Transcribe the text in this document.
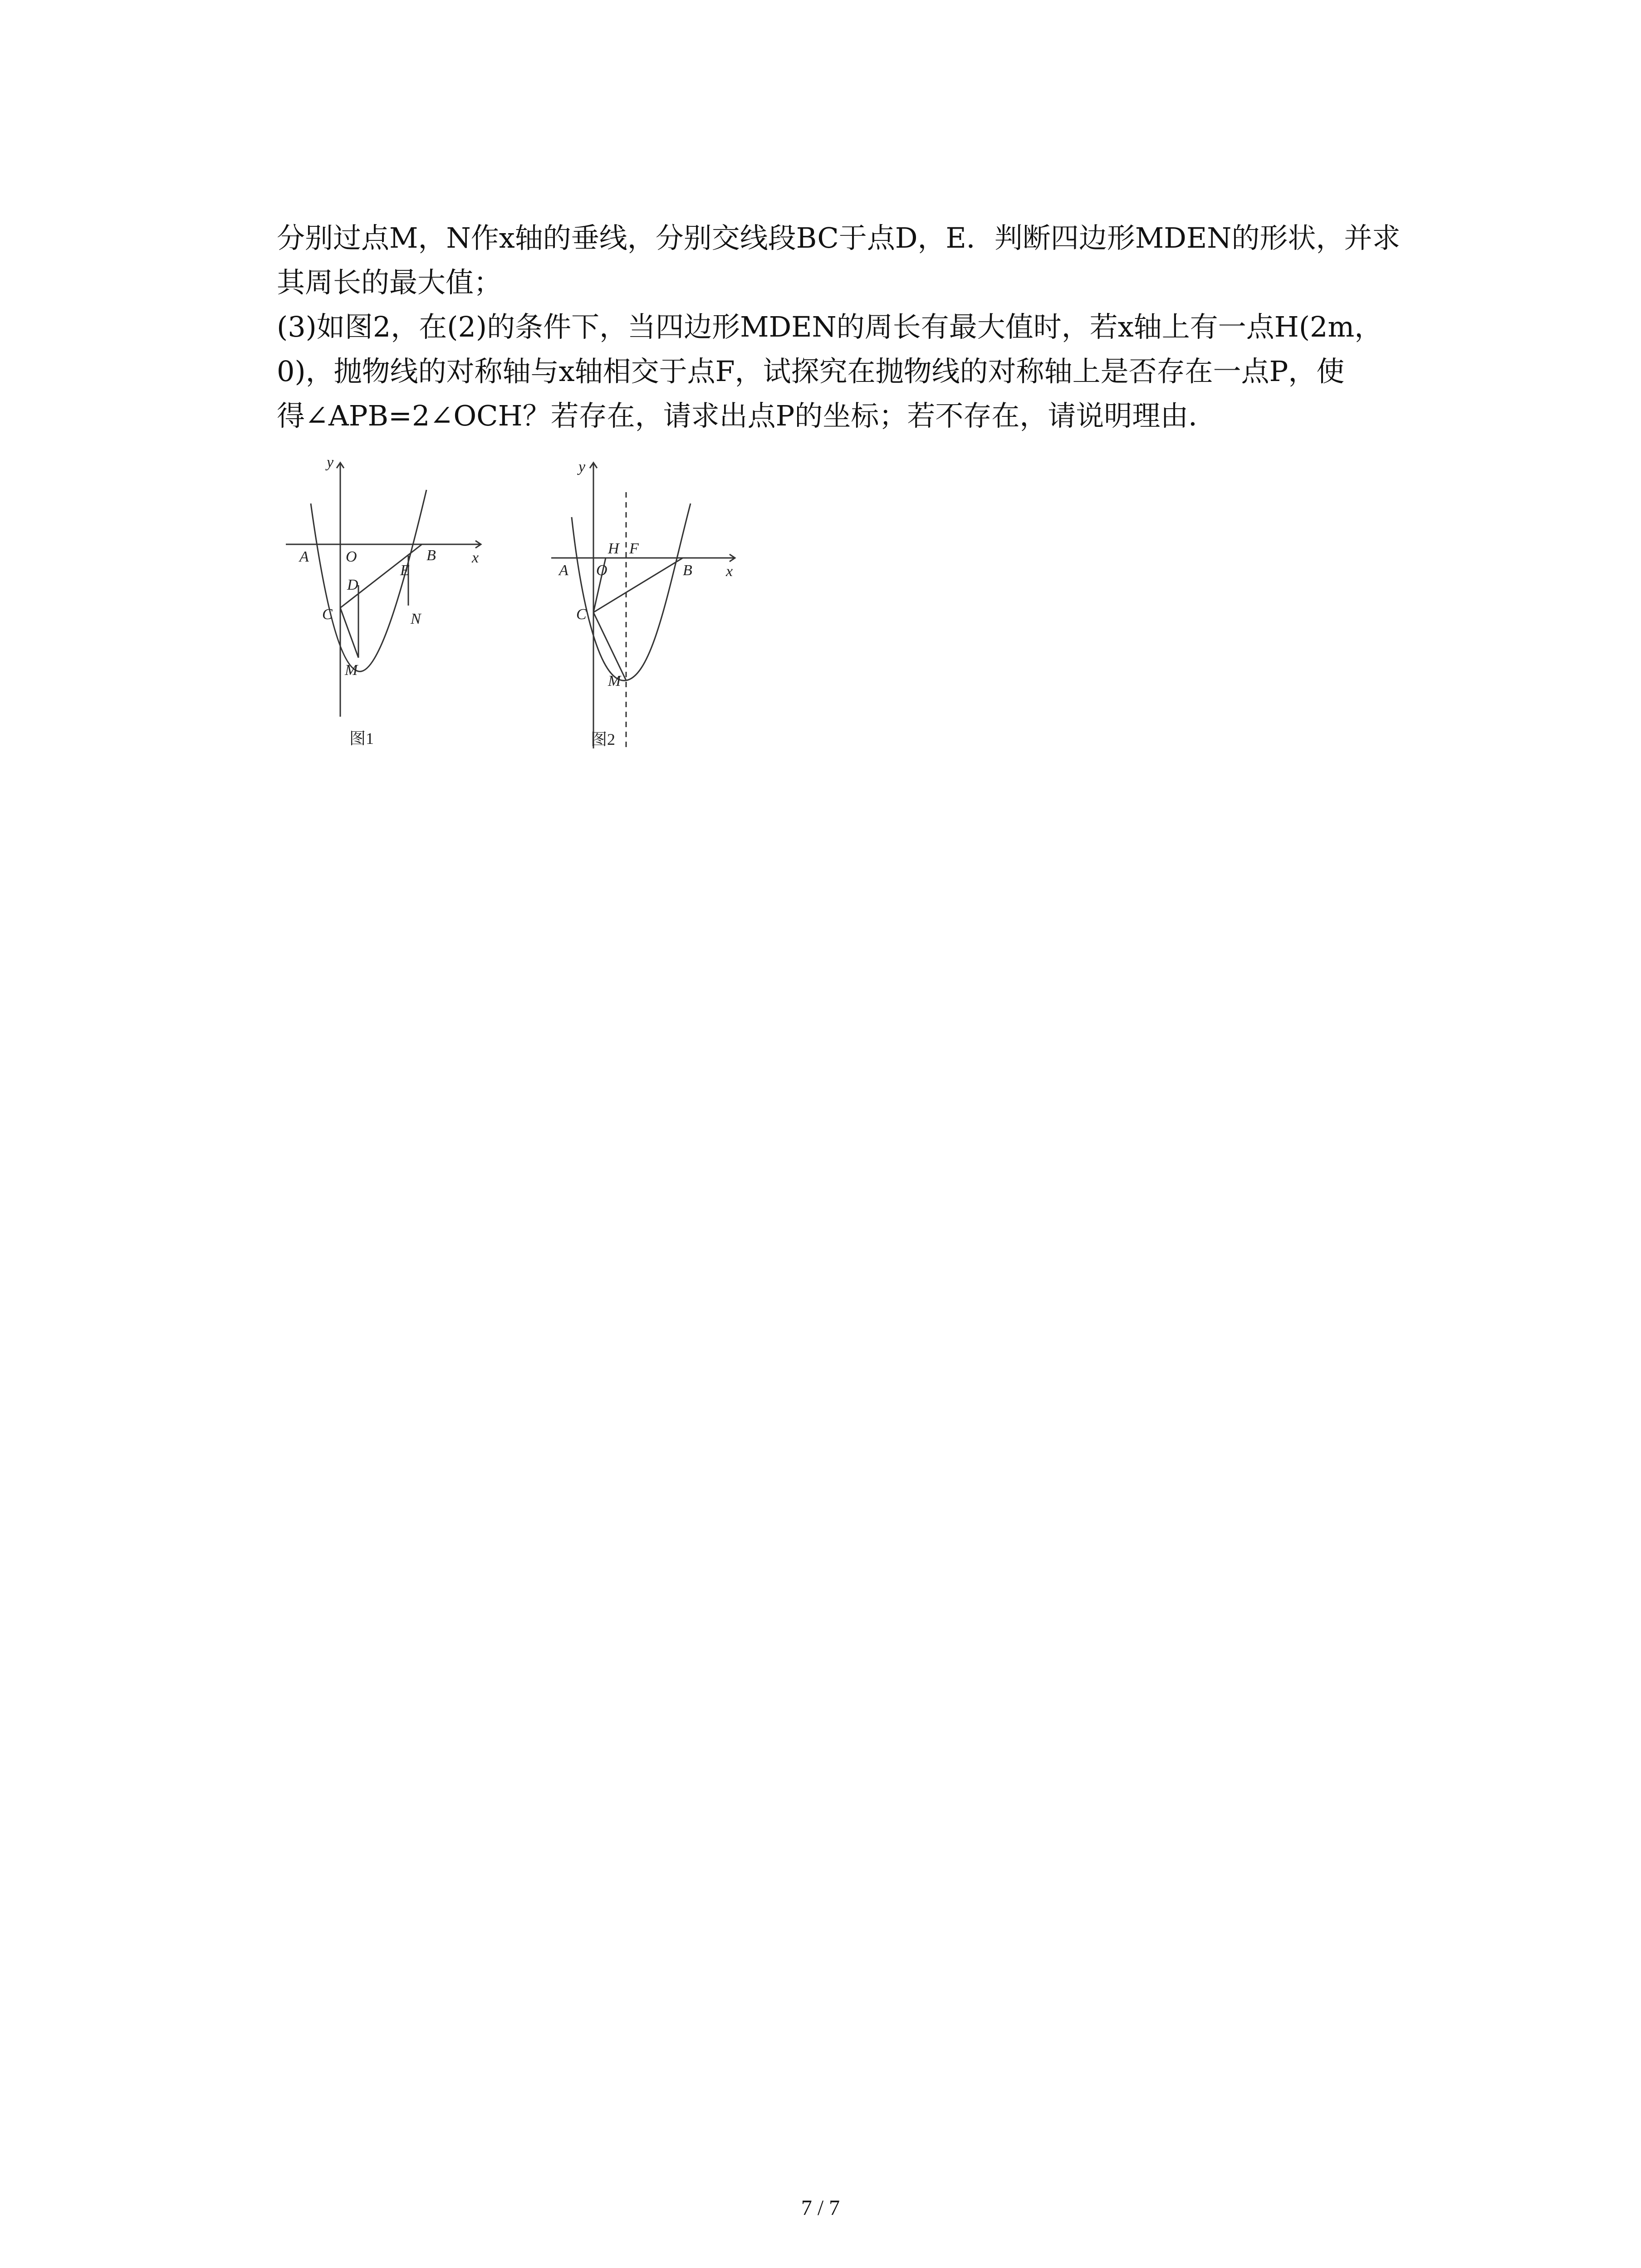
分别过点M，N作x轴的垂线，分别交线段BC于点D，E．判断四边形MDEN的形状，并求
其周长的最大值；
(3)如图2，在(2)的条件下，当四边形MDEN的周长有最大值时，若x轴上有一点H(2m，
0)，抛物线的对称轴与x轴相交于点F，试探究在抛物线的对称轴上是否存在一点P，使
得∠APB=2∠OCH？若存在，请求出点P的坐标；若不存在，请说明理由．
y
x
A O	B
E
D
C	N
M
图1
y
x
A O
H F
B
C
M
图2
7 / 7
